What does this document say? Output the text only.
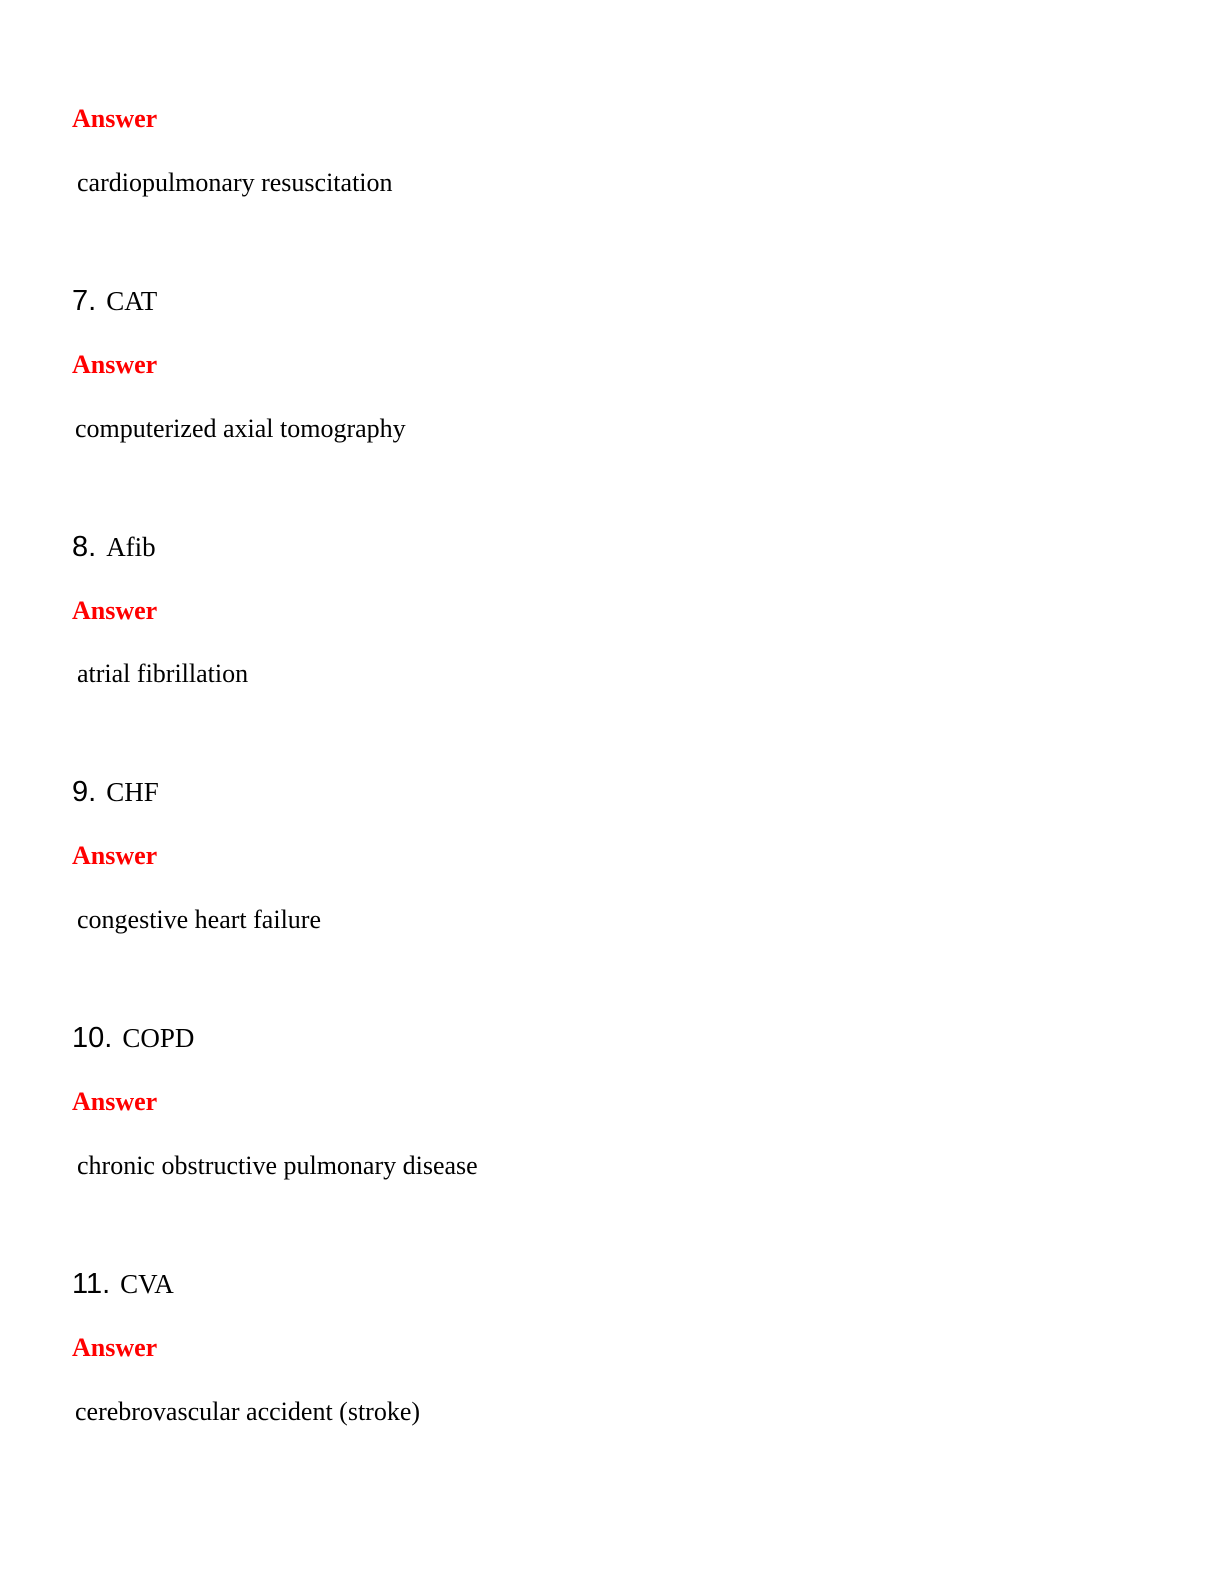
Answer
cardiopulmonary resuscitation
7. CAT
Answer
computerized axial tomography
8. Afib
Answer
atrial fibrillation
9. CHF
Answer
congestive heart failure
10. COPD
Answer
chronic obstructive pulmonary disease
11. CVA
Answer
cerebrovascular accident (stroke)
